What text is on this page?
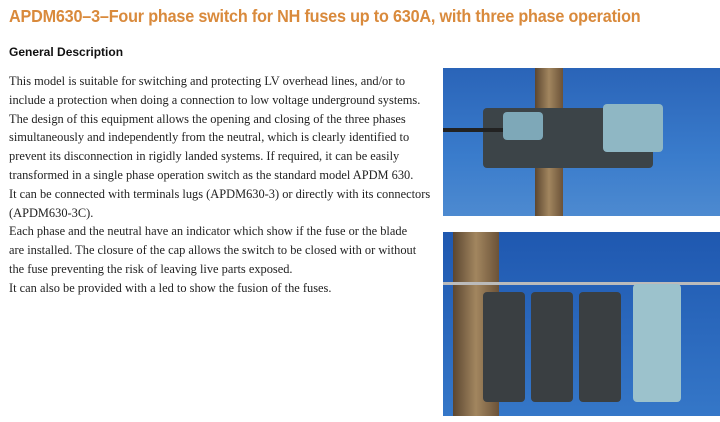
APDM630–3–Four phase switch for NH fuses up to 630A, with three phase operation
General Description
This model is suitable for switching and protecting LV overhead lines, and/or to
include a protection when doing a connection to low voltage underground systems.
The design of this equipment allows the opening and closing of the three phases
simultaneously and independently from the neutral, which is clearly identified to
prevent its disconnection in rigidly landed systems. If required, it can be easily
transformed in a single phase operation switch as the standard model APDM 630.
It can be connected with terminals lugs (APDM630-3) or directly with its connectors
(APDM630-3C).
Each phase and the neutral have an indicator which show if the fuse or the blade
are installed. The closure of the cap allows the switch to be closed with or without
the fuse preventing the risk of leaving live parts exposed.
It can also be provided with a led to show the fusion of the fuses.
